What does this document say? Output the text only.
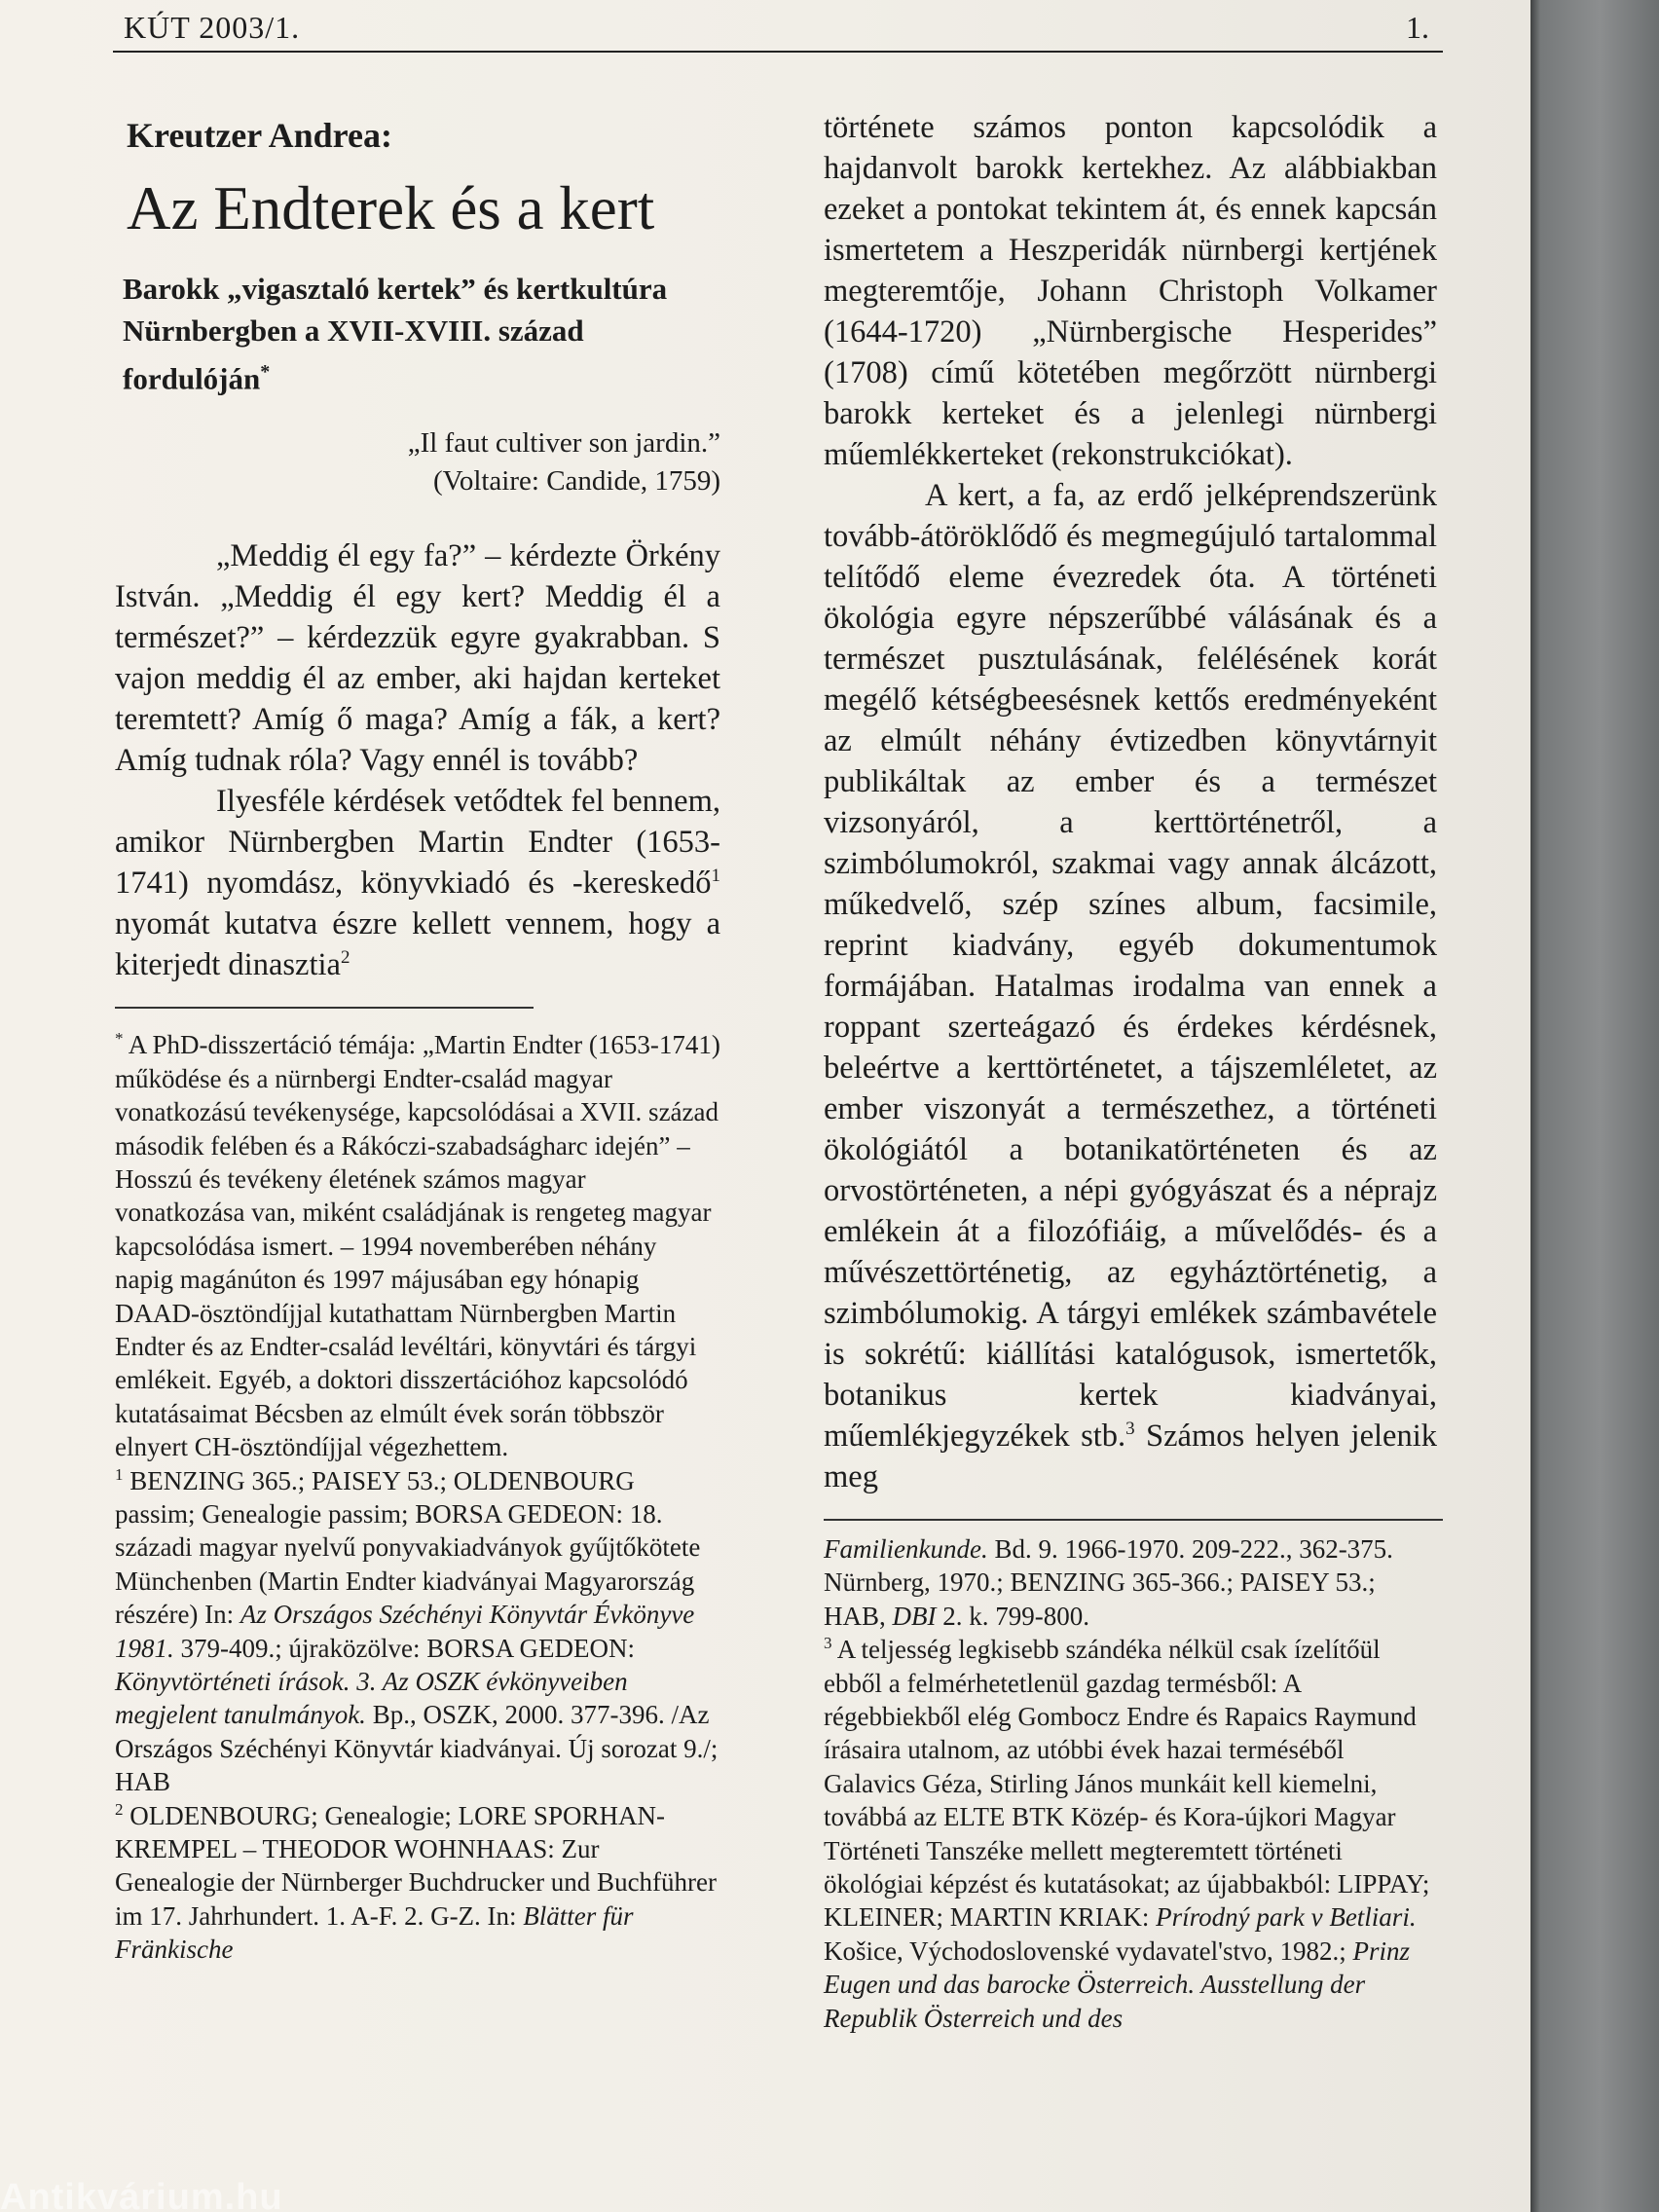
KÚT 2003/1.	1.
Kreutzer Andrea:
Az Endterek és a kert
Barokk „vigasztaló kertek” és kertkultúra Nürnbergben a XVII-XVIII. század fordulóján*
„Il faut cultiver son jardin.”
(Voltaire: Candide, 1759)

„Meddig él egy fa?” – kérdezte Örkény István. „Meddig él egy kert? Meddig él a természet?” – kérdezzük egyre gyakrabban. S vajon meddig él az ember, aki hajdan kerteket teremtett? Amíg ő maga? Amíg a fák, a kert? Amíg tudnak róla? Vagy ennél is tovább?

Ilyesféle kérdések vetődtek fel bennem, amikor Nürnbergben Martin Endter (1653-1741) nyomdász, könyvkiadó és -kereskedő$^1$ nyomát kutatva észre kellett vennem, hogy a kiterjedt dinasztia$^2$

* A PhD-disszertáció témája: „Martin Endter (1653-1741) működése és a nürnbergi Endter-család magyar vonatkozású tevékenysége, kapcsolódásai a XVII. század második felében és a Rákóczi-szabadságharc idején” – Hosszú és tevékeny életének számos magyar vonatkozása van, miként családjának is rengeteg magyar kapcsolódása ismert. – 1994 novemberében néhány napig magánúton és 1997 májusában egy hónapig DAAD-ösztöndíjjal kutathattam Nürnbergben Martin Endter és az Endter-család levéltári, könyvtári és tárgyi emlékeit. Egyéb, a doktori disszertációhoz kapcsolódó kutatásaimat Bécsben az elmúlt évek során többször elnyert CH-ösztöndíjjal végezhettem.

$^1$ BENZING 365.; PAISEY 53.; OLDENBOURG passim; Genealogie passim; BORSA GEDEON: 18. századi magyar nyelvű ponyvakiadványok gyűjtőkötete Münchenben (Martin Endter kiadványai Magyarország részére) In: Az Országos Széchényi Könyvtár Évkönyve 1981. 379-409.; újraközölve: BORSA GEDEON: Könyvtörténeti írások. 3. Az OSZK évkönyveiben megjelent tanulmányok. Bp., OSZK, 2000. 377-396. /Az Országos Széchényi Könyvtár kiadványai. Új sorozat 9./; HAB

$^2$ OLDENBOURG; Genealogie; LORE SPORHAN-KREMPEL – THEODOR WOHNHAAS: Zur Genealogie der Nürnberger Buchdrucker und Buchführer im 17. Jahrhundert. 1. A-F. 2. G-Z. In: Blätter für Fränkische

története számos ponton kapcsolódik a hajdanvolt barokk kertekhez. Az alábbiakban ezeket a pontokat tekintem át, és ennek kapcsán ismertetem a Heszperidák nürnbergi kertjének megteremtője, Johann Christoph Volkamer (1644-1720) „Nürnbergische Hesperides” (1708) című kötetében megőrzött nürnbergi barokk kerteket és a jelenlegi nürnbergi műemlékkerteket (rekonstrukciókat).

A kert, a fa, az erdő jelképrendszerünk tovább-átöröklődő és megmegújuló tartalommal telítődő eleme évezredek óta. A történeti ökológia egyre népszerűbbé válásának és a természet pusztulásának, felélésének korát megélő kétségbeesésnek kettős eredményeként az elmúlt néhány évtizedben könyvtárnyit publikáltak az ember és a természet vizsonyáról, a kerttörténetről, a szimbólumokról, szakmai vagy annak álcázott, műkedvelő, szép színes album, facsimile, reprint kiadvány, egyéb dokumentumok formájában. Hatalmas irodalma van ennek a roppant szerteágazó és érdekes kérdésnek, beleértve a kerttörténetet, a tájszemléletet, az ember viszonyát a természethez, a történeti ökológiától a botanikatörténeten és az orvostörténeten, a népi gyógyászat és a néprajz emlékein át a filozófiáig, a művelődés- és a művészettörténetig, az egyháztörténetig, a szimbólumokig. A tárgyi emlékek számbavétele is sokrétű: kiállítási katalógusok, ismertetők, botanikus kertek kiadványai, műemlékjegyzékek stb.$^3$ Számos helyen jelenik meg

Familienkunde. Bd. 9. 1966-1970. 209-222., 362-375. Nürnberg, 1970.; BENZING 365-366.; PAISEY 53.; HAB, DBI 2. k. 799-800.

$^3$ A teljesség legkisebb szándéka nélkül csak ízelítőül ebből a felmérhetetlenül gazdag termésből: A régebbiekből elég Gombocz Endre és Rapaics Raymund írásaira utalnom, az utóbbi évek hazai terméséből Galavics Géza, Stirling János munkáit kell kiemelni, továbbá az ELTE BTK Közép- és Kora-újkori Magyar Történeti Tanszéke mellett megteremtett történeti ökológiai képzést és kutatásokat; az újabbakból: LIPPAY; KLEINER; MARTIN KRIAK: Prírodný park v Betliari. Košice, Východoslovenské vydavatel'stvo, 1982.; Prinz Eugen und das barocke Österreich. Ausstellung der Republik Österreich und des

Antikvárium.hu
